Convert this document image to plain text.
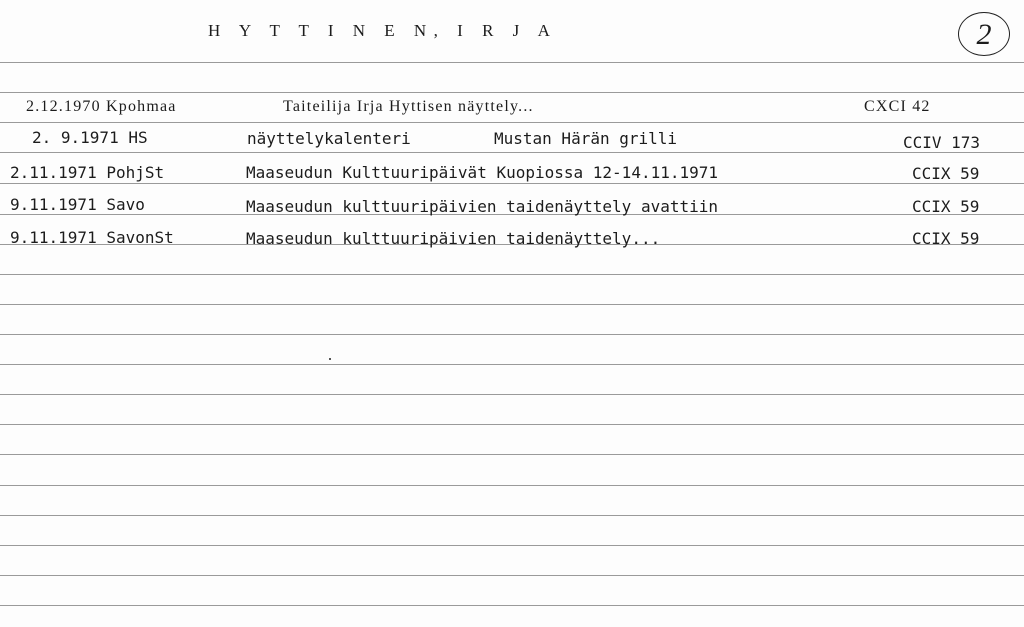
H Y T T I N E N, I R J A	2
2.12.1970 Kpohmaa	Taiteilija Irja Hyttisen näyttely...	CXCI 42
2. 9.1971 HS	näyttelykalenteri	Mustan Härän grilli	CCIV 173
2.11.1971 PohjSt	Maaseudun Kulttuuripäivät Kuopiossa 12-14.11.1971	CCIX 59
9.11.1971 Savo	Maaseudun kulttuuripäivien taidenäyttely avattiin	CCIX 59
9.11.1971 SavonSt	Maaseudun kulttuuripäivien taidenäyttely...	CCIX 59
